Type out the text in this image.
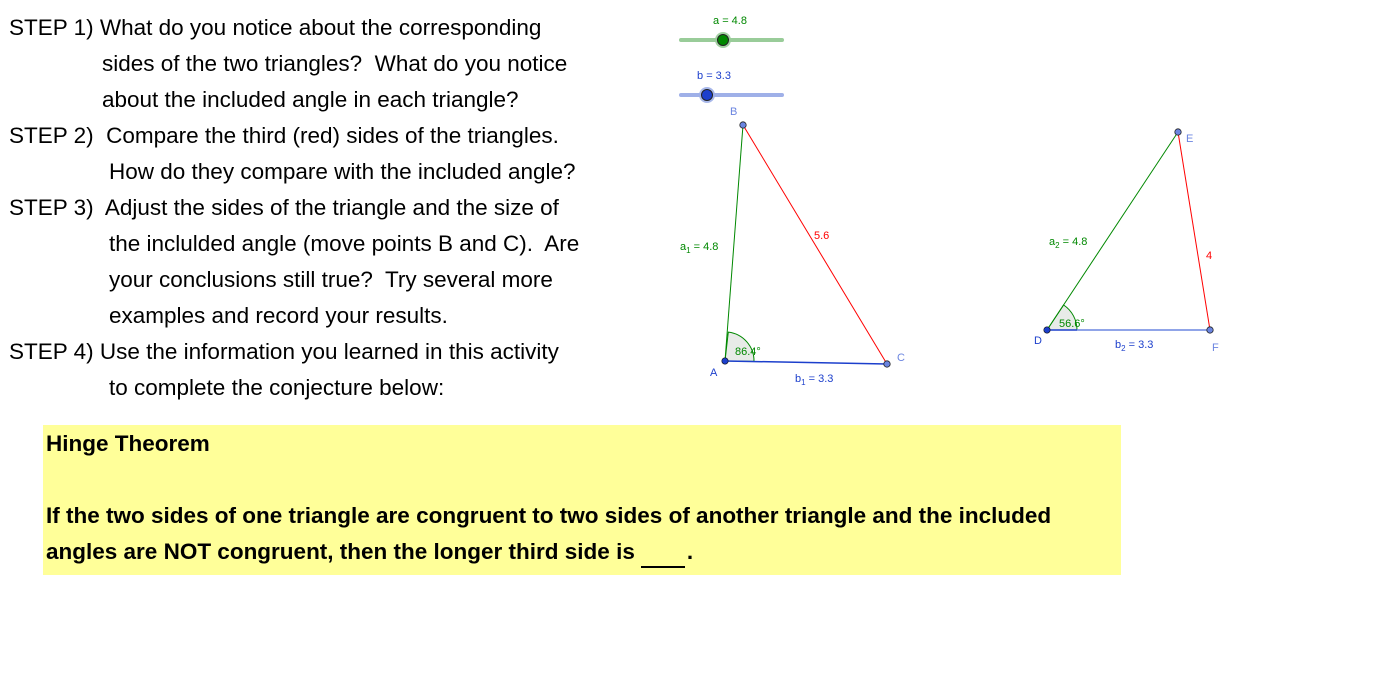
STEP 1) What do you notice about the corresponding
sides of the two triangles?  What do you notice
about the included angle in each triangle?
STEP 2)  Compare the third (red) sides of the triangles.
How do they compare with the included angle?
STEP 3)  Adjust the sides of the triangle and the size of
the inclulded angle (move points B and C).  Are
your conclusions still true?  Try several more
examples and record your results.
STEP 4) Use the information you learned in this activity
to complete the conjecture below:
Hinge Theorem
If the two sides of one triangle are congruent to two sides of another triangle and the included
angles are NOT congruent, then the longer third side is .
a = 4.8
b = 3.3
86.4°
$a_1 = 4.8$
5.6
$b_1 = 3.3$
A
B
C
56.6°
$a_2 = 4.8$
4
$b_2 = 3.3$
D
E
F
